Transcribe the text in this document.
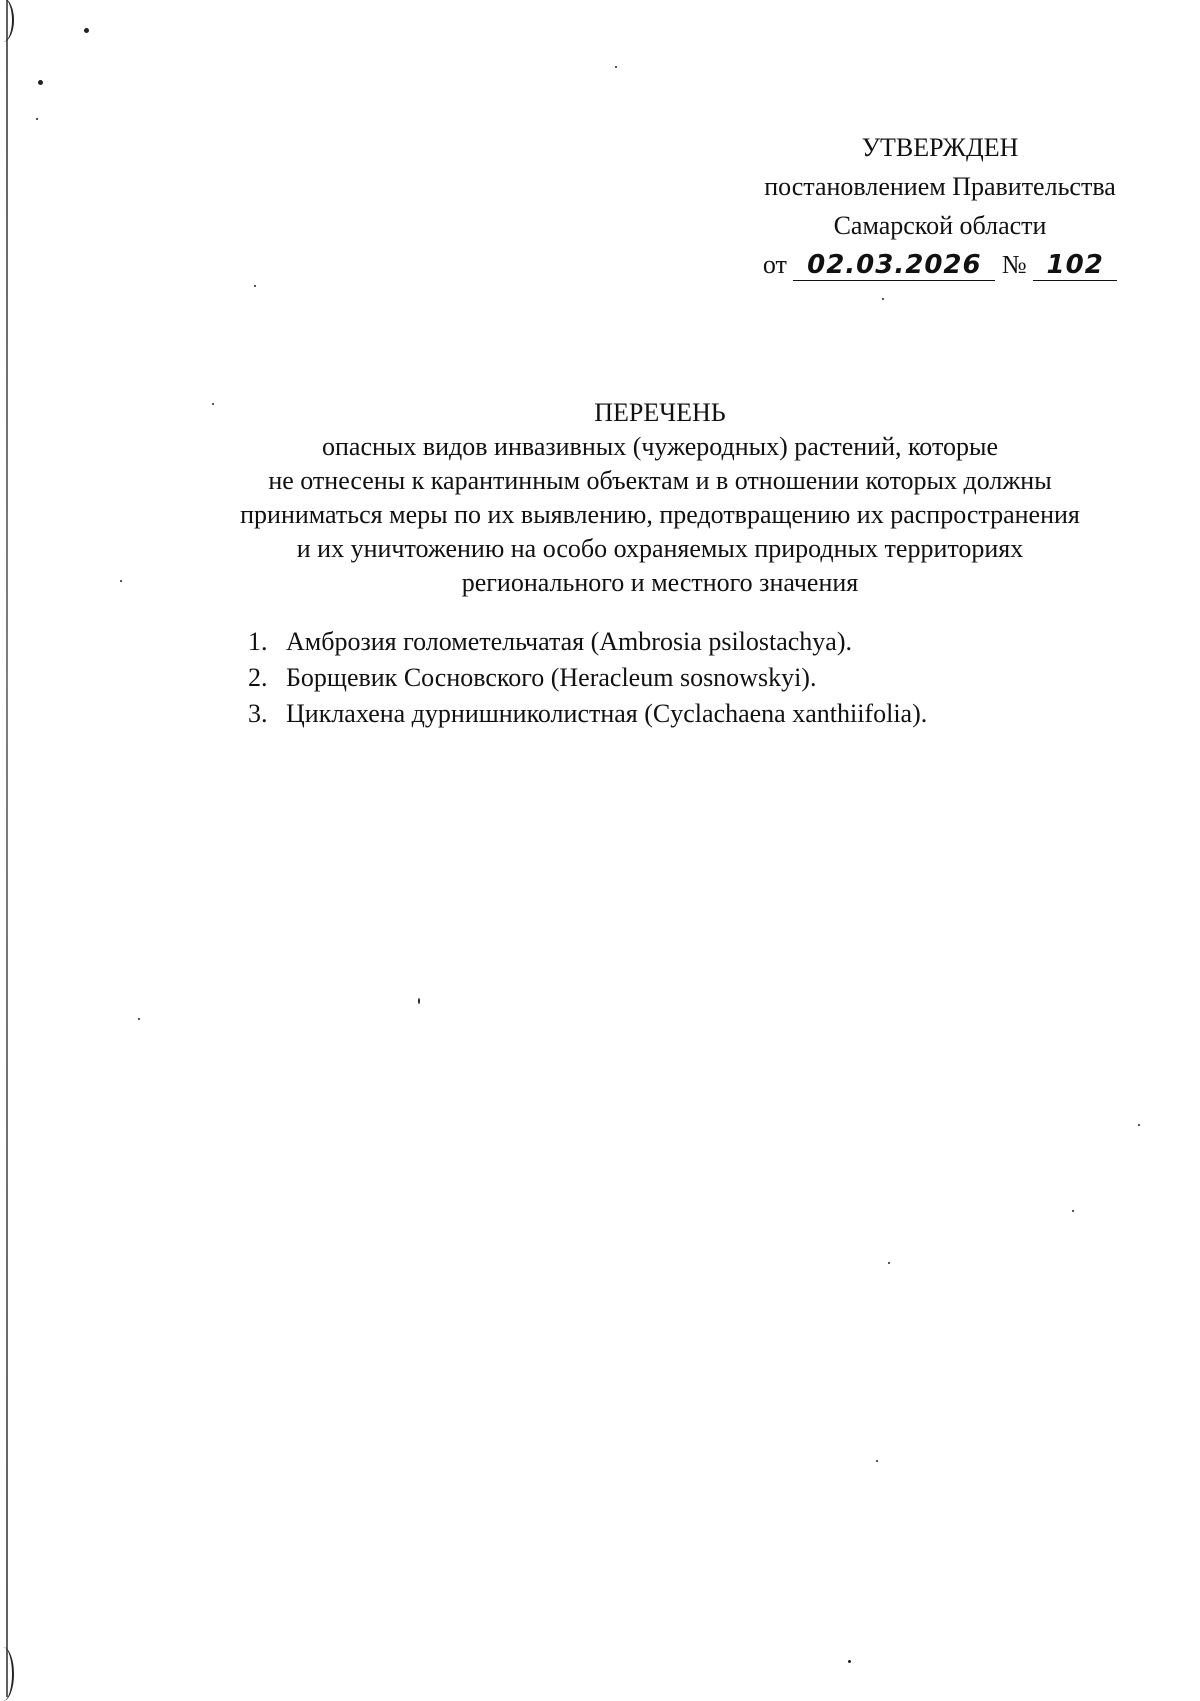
УТВЕРЖДЕН
постановлением Правительства
Самарской области
от 02.03.2026 № 102
ПЕРЕЧЕНЬ
опасных видов инвазивных (чужеродных) растений, которые
не отнесены к карантинным объектам и в отношении которых должны
приниматься меры по их выявлению, предотвращению их распространения
и их уничтожению на особо охраняемых природных территориях
регионального и местного значения
1. Амброзия голометельчатая (Ambrosia psilostachya).
2. Борщевик Сосновского (Heracleum sosnowskyi).
3. Циклахена дурнишниколистная (Cyclachaena xanthiifolia).
